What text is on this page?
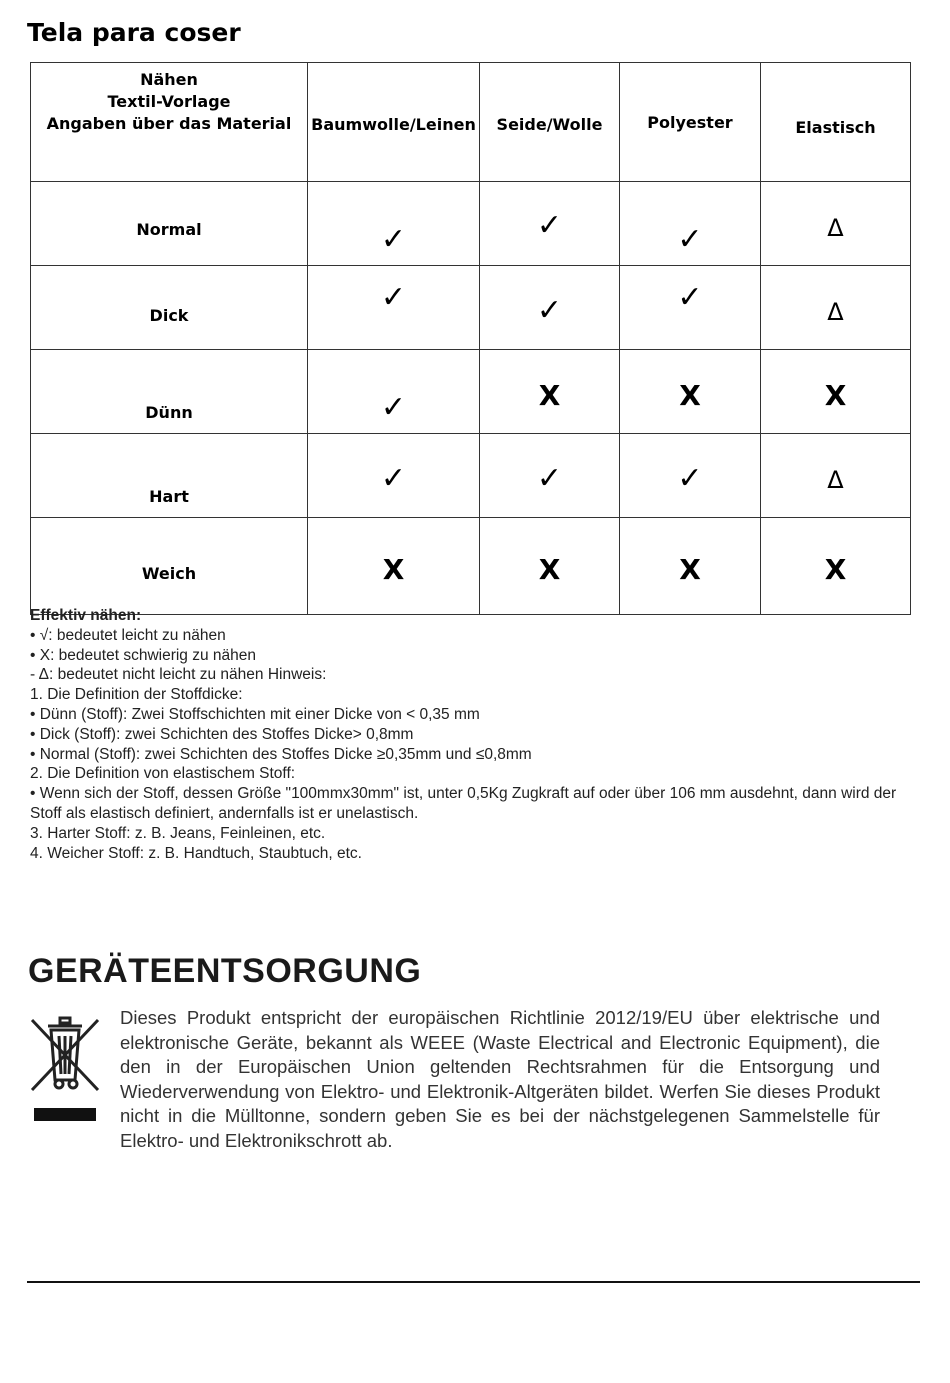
Tela para coser
Nähen
Textil-Vorlage
Angaben über das Material	Baumwolle/Leinen	Seide/Wolle	Polyester	Elastisch

Normal	✓	✓	✓	Δ

Dick	✓	✓	✓	Δ

Dünn	✓	X	X	X

Hart	✓	✓	✓	Δ

Weich	X	X	X	X
Effektiv nähen:
• √: bedeutet leicht zu nähen
• X: bedeutet schwierig zu nähen
- Δ: bedeutet nicht leicht zu nähen Hinweis:
1. Die Definition der Stoffdicke:
• Dünn (Stoff): Zwei Stoffschichten mit einer Dicke von < 0,35 mm
• Dick (Stoff): zwei Schichten des Stoffes Dicke> 0,8mm
• Normal (Stoff): zwei Schichten des Stoffes Dicke ≥0,35mm und ≤0,8mm
2. Die Definition von elastischem Stoff:
• Wenn sich der Stoff, dessen Größe "100mmx30mm" ist, unter 0,5Kg Zugkraft auf oder über 106 mm ausdehnt, dann wird der Stoff als elastisch definiert, andernfalls ist er unelastisch.
3. Harter Stoff: z. B. Jeans, Feinleinen, etc.
4. Weicher Stoff: z. B. Handtuch, Staubtuch, etc.
GERÄTEENTSORGUNG

Dieses Produkt entspricht der europäischen Richtlinie 2012/19/EU über elektrische und elektronische Geräte, bekannt als WEEE (Waste Electrical and Electronic Equipment), die den in der Europäischen Union geltenden Rechtsrahmen für die Entsorgung und Wiederverwendung von Elektro- und Elektronik-Altgeräten bildet. Werfen Sie dieses Produkt nicht in die Mülltonne, sondern geben Sie es bei der nächstgelegenen Sammelstelle für Elektro- und Elektronikschrott ab.
